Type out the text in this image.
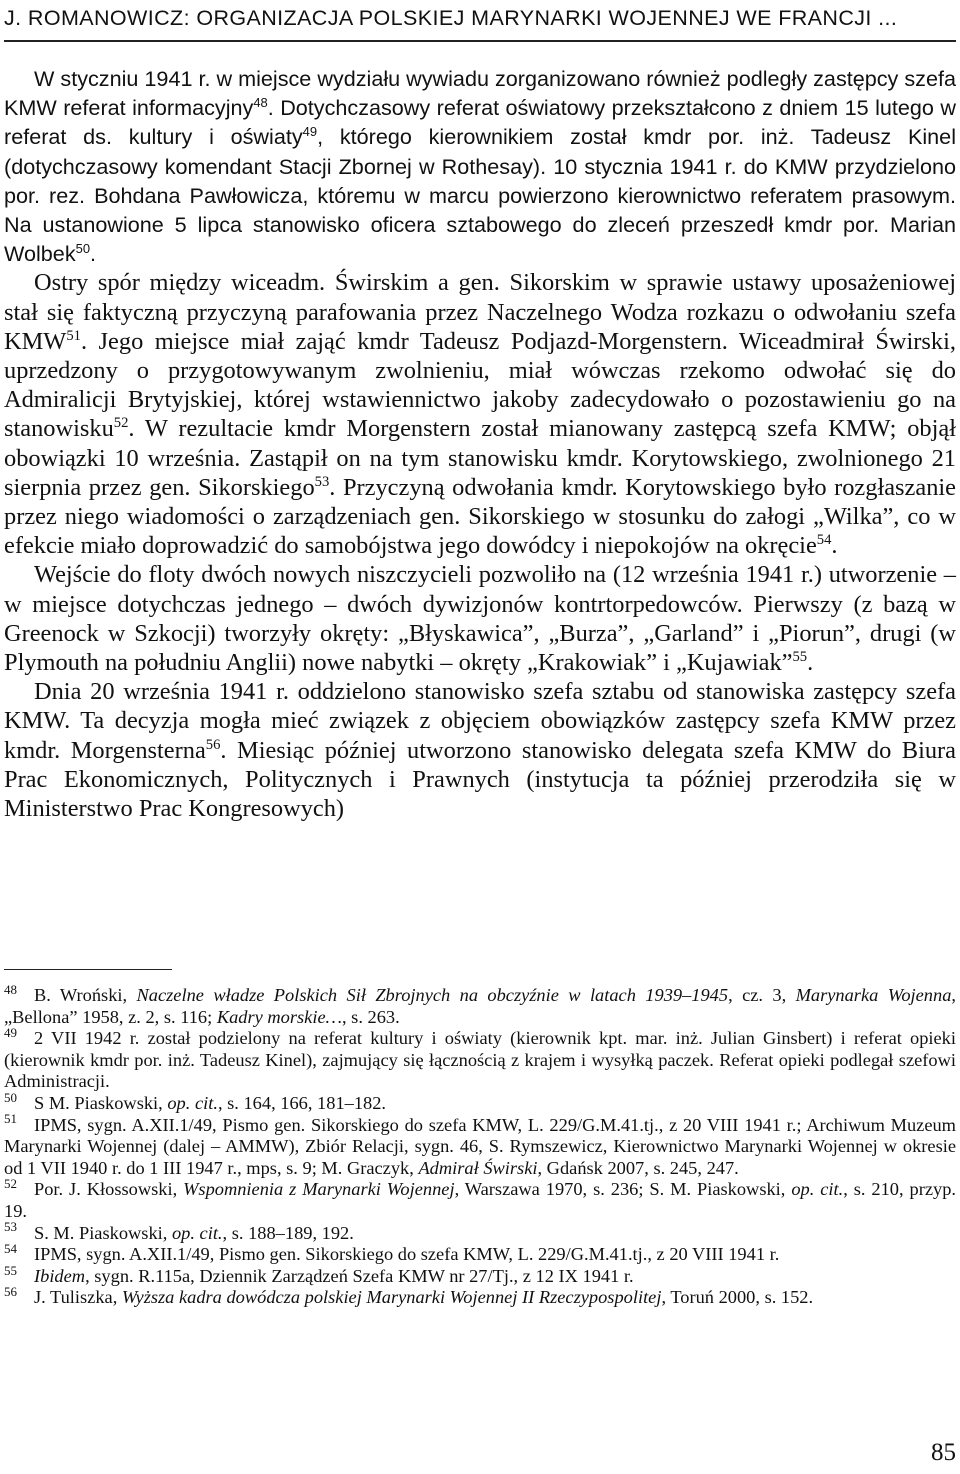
J. ROMANOWICZ: ORGANIZACJA POLSKIEJ MARYNARKI WOJENNEJ WE FRANCJI ...

W styczniu 1941 r. w miejsce wydziału wywiadu zorganizowano również podległy zastępcy szefa KMW referat informacyjny$^{48}$. Dotychczasowy referat oświatowy przekształcono z dniem 15 lutego w referat ds. kultury i oświaty$^{49}$, którego kierownikiem został kmdr por. inż. Tadeusz Kinel (dotychczasowy komendant Stacji Zbornej w Rothesay). 10 stycznia 1941 r. do KMW przydzielono por. rez. Bohdana Pawłowicza, któremu w marcu powierzono kierownictwo referatem prasowym. Na ustanowione 5 lipca stanowisko oficera sztabowego do zleceń przeszedł kmdr por. Marian Wolbek$^{50}$.

Ostry spór między wiceadm. Świrskim a gen. Sikorskim w sprawie ustawy uposażeniowej stał się faktyczną przyczyną parafowania przez Naczelnego Wodza rozkazu o odwołaniu szefa KMW$^{51}$. Jego miejsce miał zająć kmdr Tadeusz Podjazd-Morgenstern. Wiceadmirał Świrski, uprzedzony o przygotowywanym zwolnieniu, miał wówczas rzekomo odwołać się do Admiralicji Brytyjskiej, której wstawiennictwo jakoby zadecydowało o pozostawieniu go na stanowisku$^{52}$. W rezultacie kmdr Morgenstern został mianowany zastępcą szefa KMW; objął obowiązki 10 września. Zastąpił on na tym stanowisku kmdr. Korytowskiego, zwolnionego 21 sierpnia przez gen. Sikorskiego$^{53}$. Przyczyną odwołania kmdr. Korytowskiego było rozgłaszanie przez niego wiadomości o zarządzeniach gen. Sikorskiego w stosunku do załogi „Wilka”, co w efekcie miało doprowadzić do samobójstwa jego dowódcy i niepokojów na okręcie$^{54}$.

Wejście do floty dwóch nowych niszczycieli pozwoliło na (12 września 1941 r.) utworzenie – w miejsce dotychczas jednego – dwóch dywizjonów kontrtorpedowców. Pierwszy (z bazą w Greenock w Szkocji) tworzyły okręty: „Błyskawica”, „Burza”, „Garland” i „Piorun”, drugi (w Plymouth na południu Anglii) nowe nabytki – okręty „Krakowiak” i „Kujawiak”$^{55}$.

Dnia 20 września 1941 r. oddzielono stanowisko szefa sztabu od stanowiska zastępcy szefa KMW. Ta decyzja mogła mieć związek z objęciem obowiązków zastępcy szefa KMW przez kmdr. Morgensterna$^{56}$. Miesiąc później utworzono stanowisko delegata szefa KMW do Biura Prac Ekonomicznych, Politycznych i Prawnych (instytucja ta później przerodziła się w Ministerstwo Prac Kongresowych)

48 B. Wroński, Naczelne władze Polskich Sił Zbrojnych na obczyźnie w latach 1939–1945, cz. 3, Marynarka Wojenna, „Bellona” 1958, z. 2, s. 116; Kadry morskie…, s. 263.

49 2 VII 1942 r. został podzielony na referat kultury i oświaty (kierownik kpt. mar. inż. Julian Ginsbert) i referat opieki (kierownik kmdr por. inż. Tadeusz Kinel), zajmujący się łącznością z krajem i wysyłką paczek. Referat opieki podlegał szefowi Administracji.

50 S M. Piaskowski, op. cit., s. 164, 166, 181–182.

51 IPMS, sygn. A.XII.1/49, Pismo gen. Sikorskiego do szefa KMW, L. 229/G.M.41.tj., z 20 VIII 1941 r.; Archiwum Muzeum Marynarki Wojennej (dalej – AMMW), Zbiór Relacji, sygn. 46, S. Rymszewicz, Kierownictwo Marynarki Wojennej w okresie od 1 VII 1940 r. do 1 III 1947 r., mps, s. 9; M. Graczyk, Admirał Świrski, Gdańsk 2007, s. 245, 247.

52 Por. J. Kłossowski, Wspomnienia z Marynarki Wojennej, Warszawa 1970, s. 236; S. M. Piaskowski, op. cit., s. 210, przyp. 19.

53 S. M. Piaskowski, op. cit., s. 188–189, 192.

54 IPMS, sygn. A.XII.1/49, Pismo gen. Sikorskiego do szefa KMW, L. 229/G.M.41.tj., z 20 VIII 1941 r.

55 Ibidem, sygn. R.115a, Dziennik Zarządzeń Szefa KMW nr 27/Tj., z 12 IX 1941 r.

56 J. Tuliszka, Wyższa kadra dowódcza polskiej Marynarki Wojennej II Rzeczypospolitej, Toruń 2000, s. 152.

85
